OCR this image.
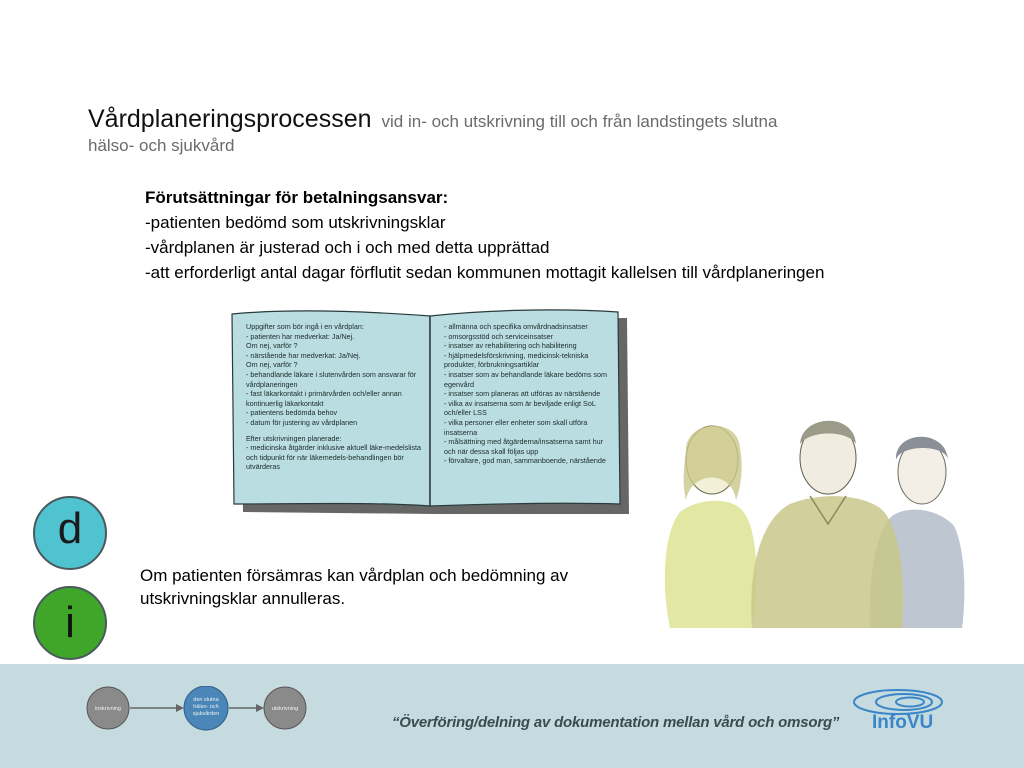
Vårdplaneringsprocessen vid in- och utskrivning till och från landstingets slutna
hälso- och sjukvård
Förutsättningar för betalningsansvar:
-patienten bedömd som utskrivningsklar
-vårdplanen är justerad och i och med detta upprättad
-att erforderligt antal dagar förflutit sedan kommunen mottagit kallelsen till vårdplaneringen
Uppgifter som bör ingå i en vårdplan:
- patienten har medverkat: Ja/Nej.
Om nej, varför ?
- närstående har medverkat: Ja/Nej.
Om nej, varför ?
- behandlande läkare i slutenvården som ansvarar för vårdplaneringen
- fast läkarkontakt i primärvården och/eller annan kontinuerlig läkarkontakt
- patientens bedömda behov
- datum för justering av vårdplanen
Efter utskrivningen planerade:
- medicinska åtgärder inklusive aktuell läke-medelslista och tidpunkt för när läkemedels-behandlingen bör utvärderas
- allmänna och specifika omvårdnadsinsatser
- omsorgsstöd och serviceinsatser
- insatser av rehabilitering och habilitering
- hjälpmedelsförskrivning, medicinsk-tekniska produkter, förbrukningsartiklar
- insatser som av behandlande läkare bedöms som egenvård
- insatser som planeras att utföras av närstående
- vilka av insatserna som är beviljade enligt SoL och/eller LSS
- vilka personer eller enheter som skall utföra insatserna
- målsättning med åtgärderna/insatserna samt hur och när dessa skall följas upp
- förvaltare, god man, sammanboende, närstående
d
i
Om patienten försämras kan vårdplan och bedömning av utskrivningsklar annulleras.
inskrivning
den slutna
hälso- och
sjukvården
utskrivning
“Överföring/delning av dokumentation mellan vård och omsorg” InfoVU
